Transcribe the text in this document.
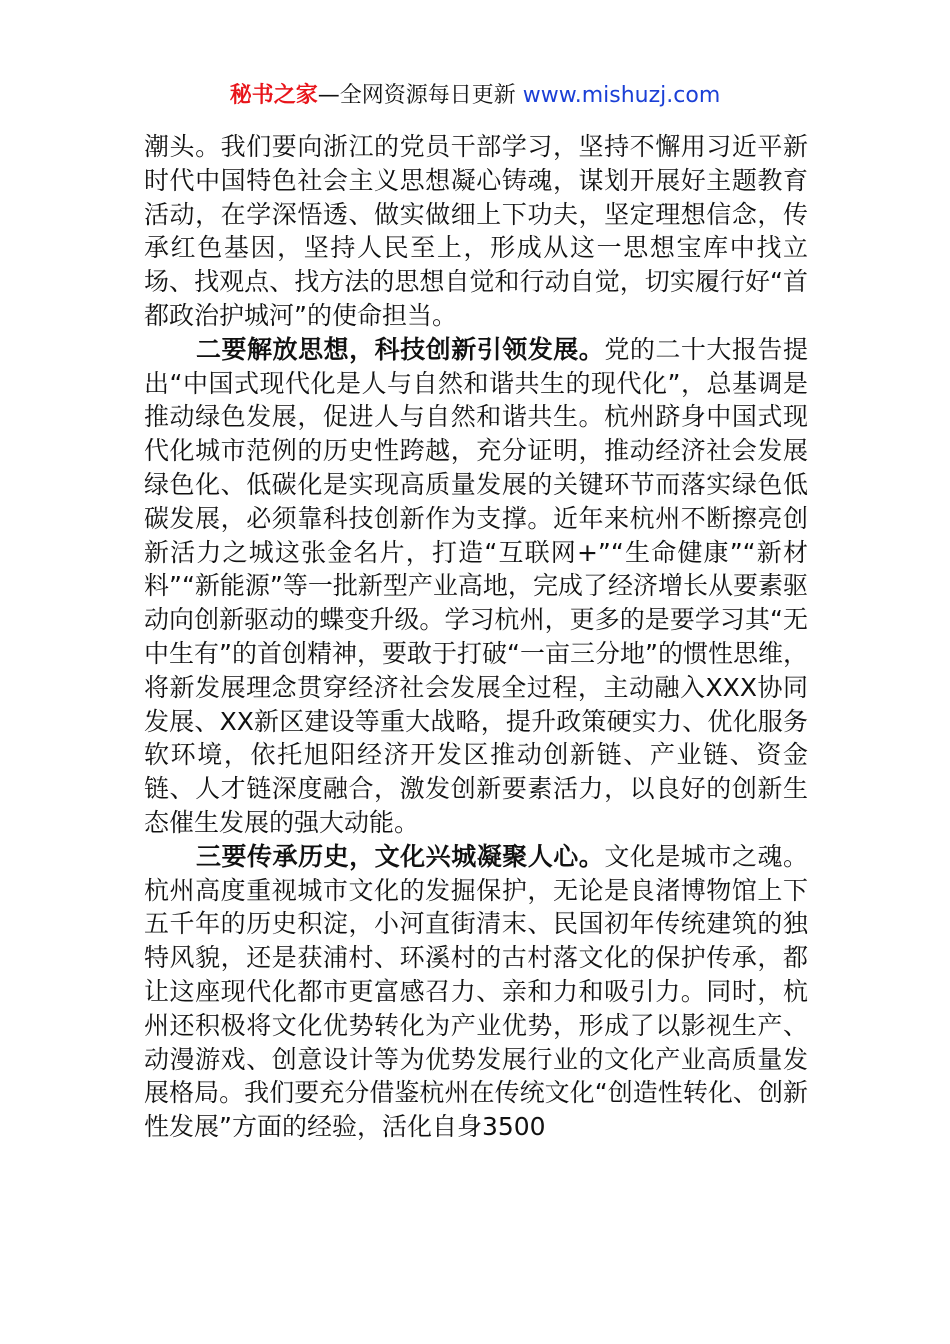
秘书之家—全网资源每日更新 www.mishuzj.com

潮头。我们要向浙江的党员干部学习，坚持不懈用习近平新时代中国特色社会主义思想凝心铸魂，谋划开展好主题教育活动，在学深悟透、做实做细上下功夫，坚定理想信念，传承红色基因，坚持人民至上，形成从这一思想宝库中找立场、找观点、找方法的思想自觉和行动自觉，切实履行好“首都政治护城河”的使命担当。

二要解放思想，科技创新引领发展。党的二十大报告提出“中国式现代化是人与自然和谐共生的现代化”，总基调是推动绿色发展，促进人与自然和谐共生。杭州跻身中国式现代化城市范例的历史性跨越，充分证明，推动经济社会发展绿色化、低碳化是实现高质量发展的关键环节而落实绿色低碳发展，必须靠科技创新作为支撑。近年来杭州不断擦亮创新活力之城这张金名片，打造“互联网+”“生命健康”“新材料”“新能源”等一批新型产业高地，完成了经济增长从要素驱动向创新驱动的蝶变升级。学习杭州，更多的是要学习其“无中生有”的首创精神，要敢于打破“一亩三分地”的惯性思维，将新发展理念贯穿经济社会发展全过程，主动融入XXX协同发展、XX新区建设等重大战略，提升政策硬实力、优化服务软环境，依托旭阳经济开发区推动创新链、产业链、资金链、人才链深度融合，激发创新要素活力，以良好的创新生态催生发展的强大动能。

三要传承历史，文化兴城凝聚人心。文化是城市之魂。杭州高度重视城市文化的发掘保护，无论是良渚博物馆上下五千年的历史积淀，小河直街清末、民国初年传统建筑的独特风貌，还是获浦村、环溪村的古村落文化的保护传承，都让这座现代化都市更富感召力、亲和力和吸引力。同时，杭州还积极将文化优势转化为产业优势，形成了以影视生产、动漫游戏、创意设计等为优势发展行业的文化产业高质量发展格局。我们要充分借鉴杭州在传统文化“创造性转化、创新性发展”方面的经验，活化自身3500
